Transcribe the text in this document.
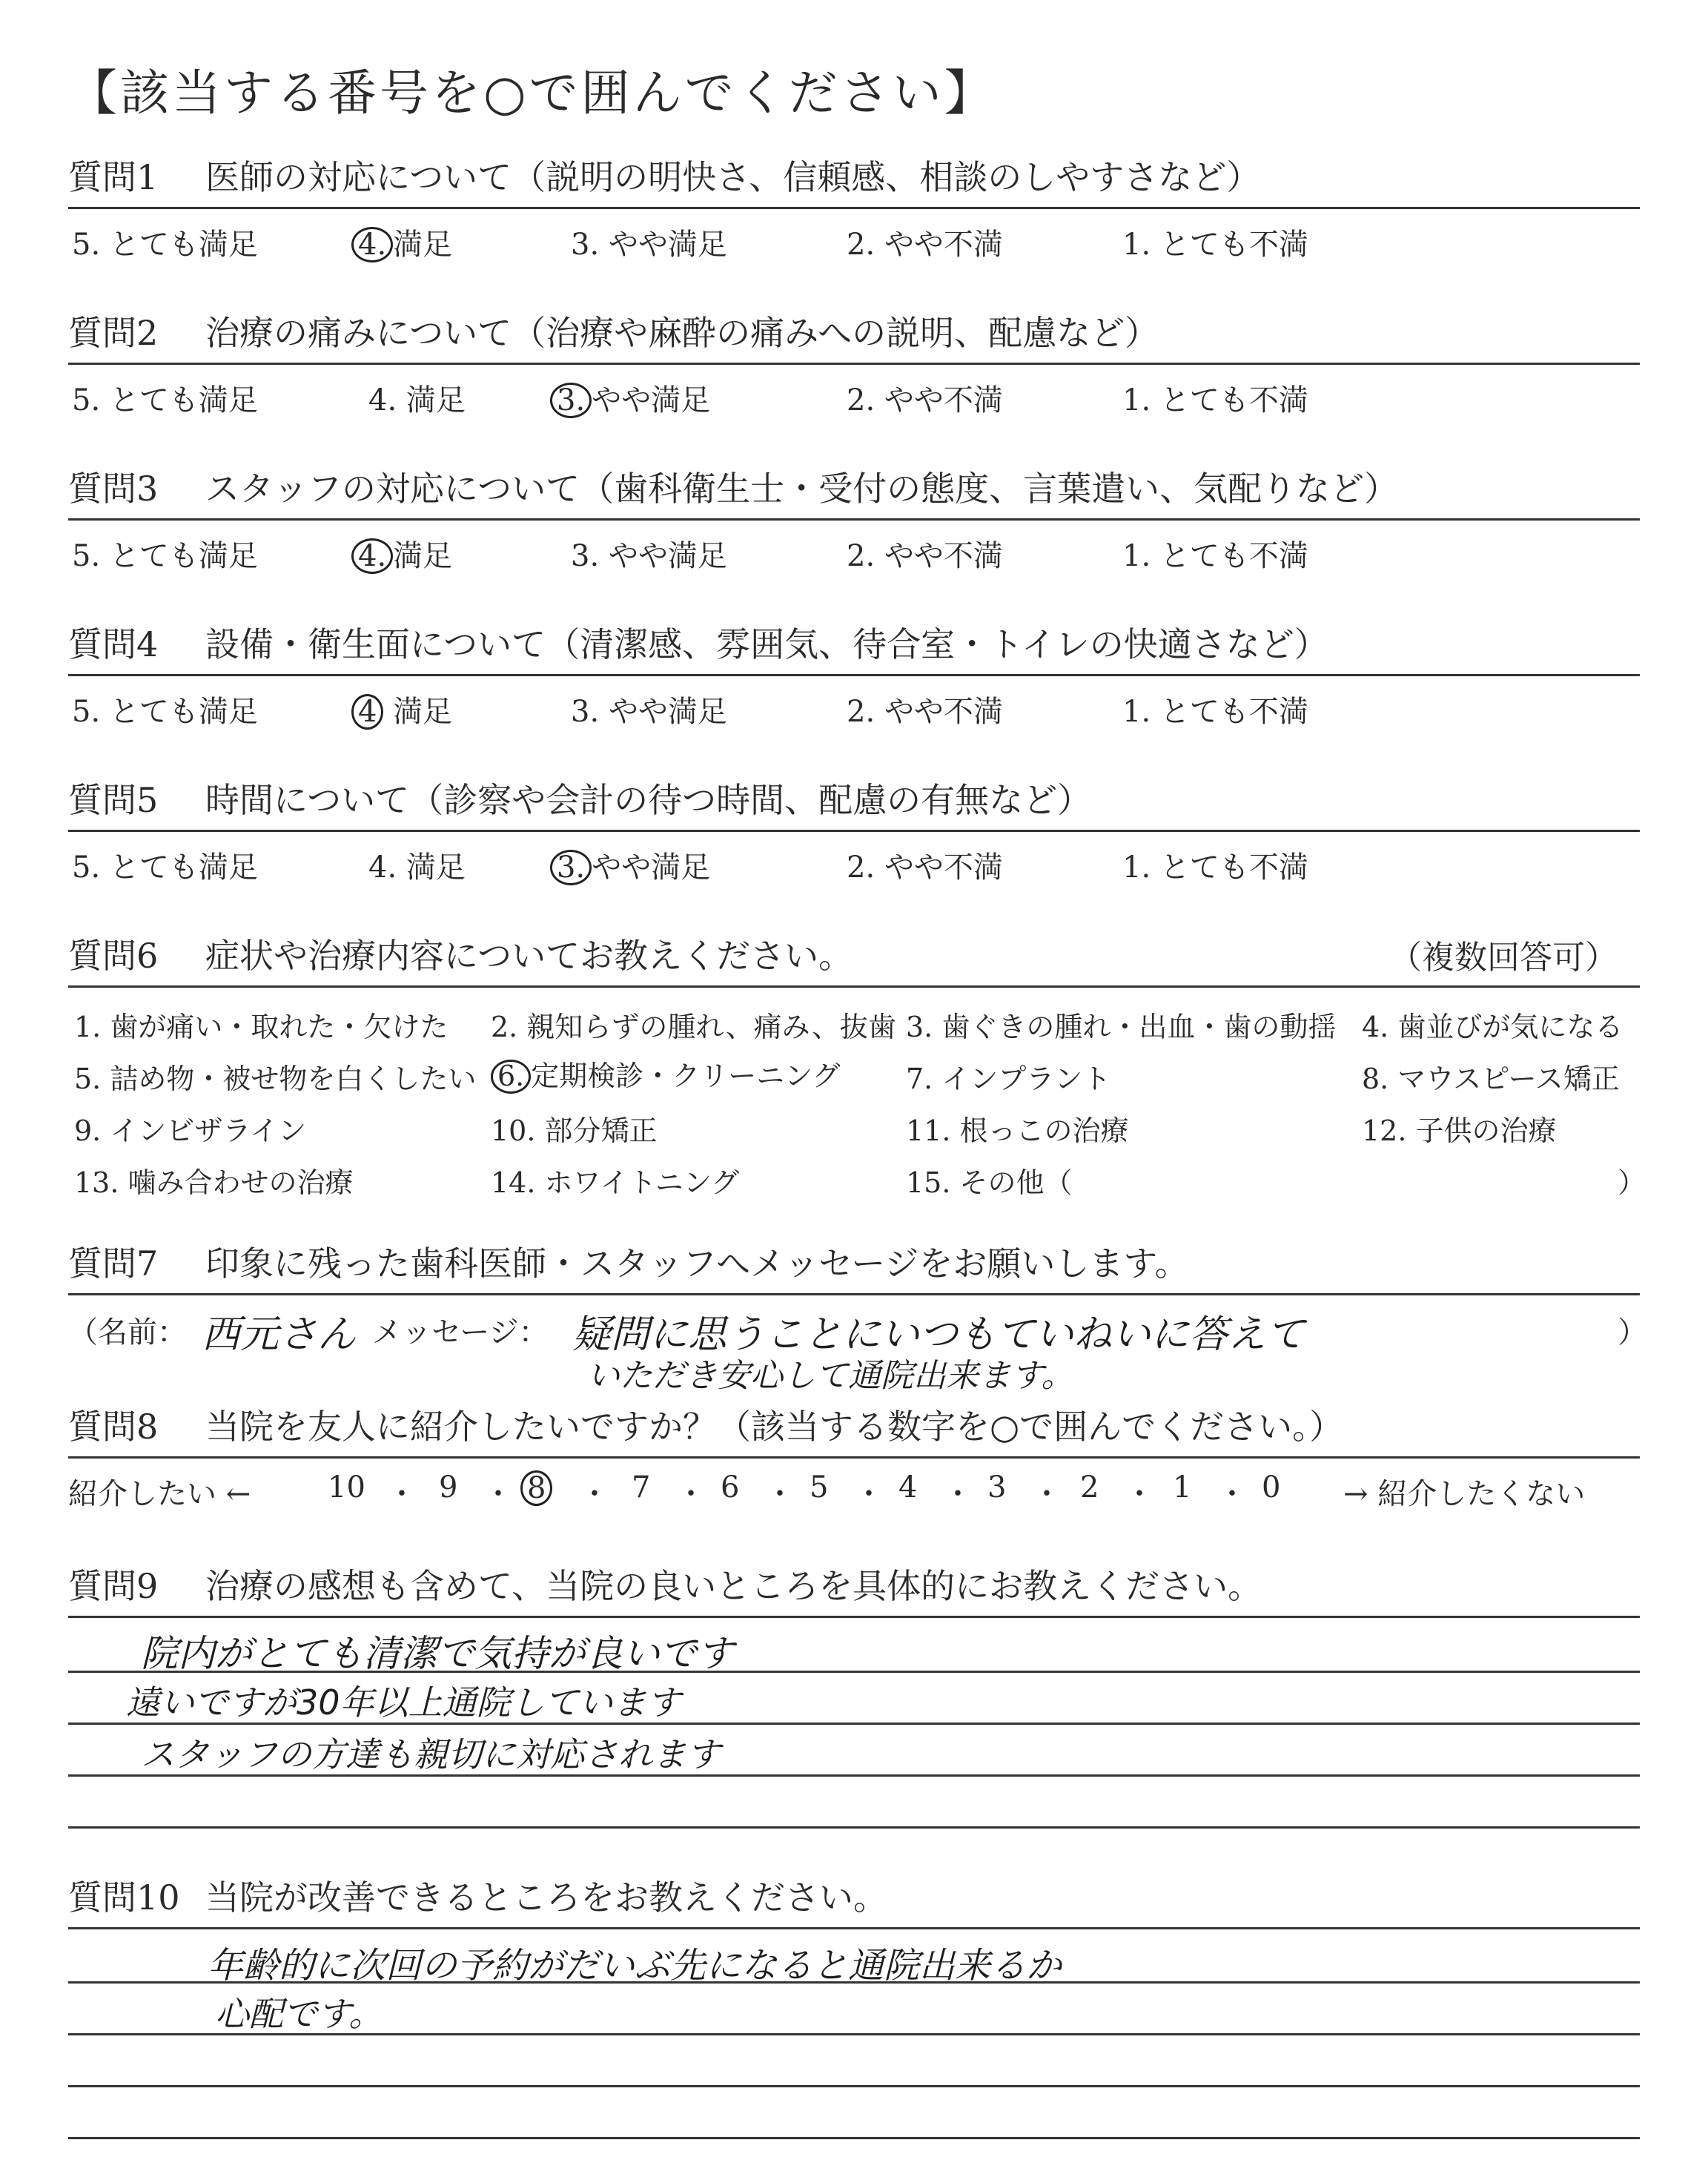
【該当する番号を○で囲んでください】
質問1 医師の対応について（説明の明快さ、信頼感、相談のしやすさなど）
5. とても満足	4. 満足	3. やや満足	2. やや不満	1. とても不満
質問2 治療の痛みについて（治療や麻酔の痛みへの説明、配慮など）
5. とても満足	4. 満足	3. やや満足	2. やや不満	1. とても不満
質問3 スタッフの対応について（歯科衛生士・受付の態度、言葉遣い、気配りなど）
5. とても満足	4. 満足	3. やや満足	2. やや不満	1. とても不満
質問4 設備・衛生面について（清潔感、雰囲気、待合室・トイレの快適さなど）
5. とても満足	4 満足	3. やや満足	2. やや不満	1. とても不満
質問5 時間について（診察や会計の待つ時間、配慮の有無など）
5. とても満足	4. 満足	3. やや満足	2. やや不満	1. とても不満
質問6 症状や治療内容についてお教えください。	（複数回答可）
1. 歯が痛い・取れた・欠けた 2. 親知らずの腫れ、痛み、抜歯 3. 歯ぐきの腫れ・出血・歯の動揺 4. 歯並びが気になる
5. 詰め物・被せ物を白くしたい 6. 定期検診・クリーニング 7. インプラント	8. マウスピース矯正
9. インビザライン	10. 部分矯正	11. 根っこの治療	12. 子供の治療
13. 噛み合わせの治療	14. ホワイトニング	15. その他（	）
質問7 印象に残った歯科医師・スタッフへメッセージをお願いします。
（名前： 西元さん メッセージ： 疑問に思うことにいつもていねいに答えて
いただき安心して通院出来ます。
）
質問8 当院を友人に紹介したいですか？（該当する数字を○で囲んでください。）
紹介したい ←	10 ・ 9 ・ 8 ・ 7 ・ 6 ・ 5 ・ 4 ・ 3 ・ 2 ・ 1 ・ 0 → 紹介したくない
質問9 治療の感想も含めて、当院の良いところを具体的にお教えください。
院内がとても清潔で気持が良いです
遠いですが30年以上通院しています
スタッフの方達も親切に対応されます
質問10 当院が改善できるところをお教えください。
年齢的に次回の予約がだいぶ先になると通院出来るか
心配です。
